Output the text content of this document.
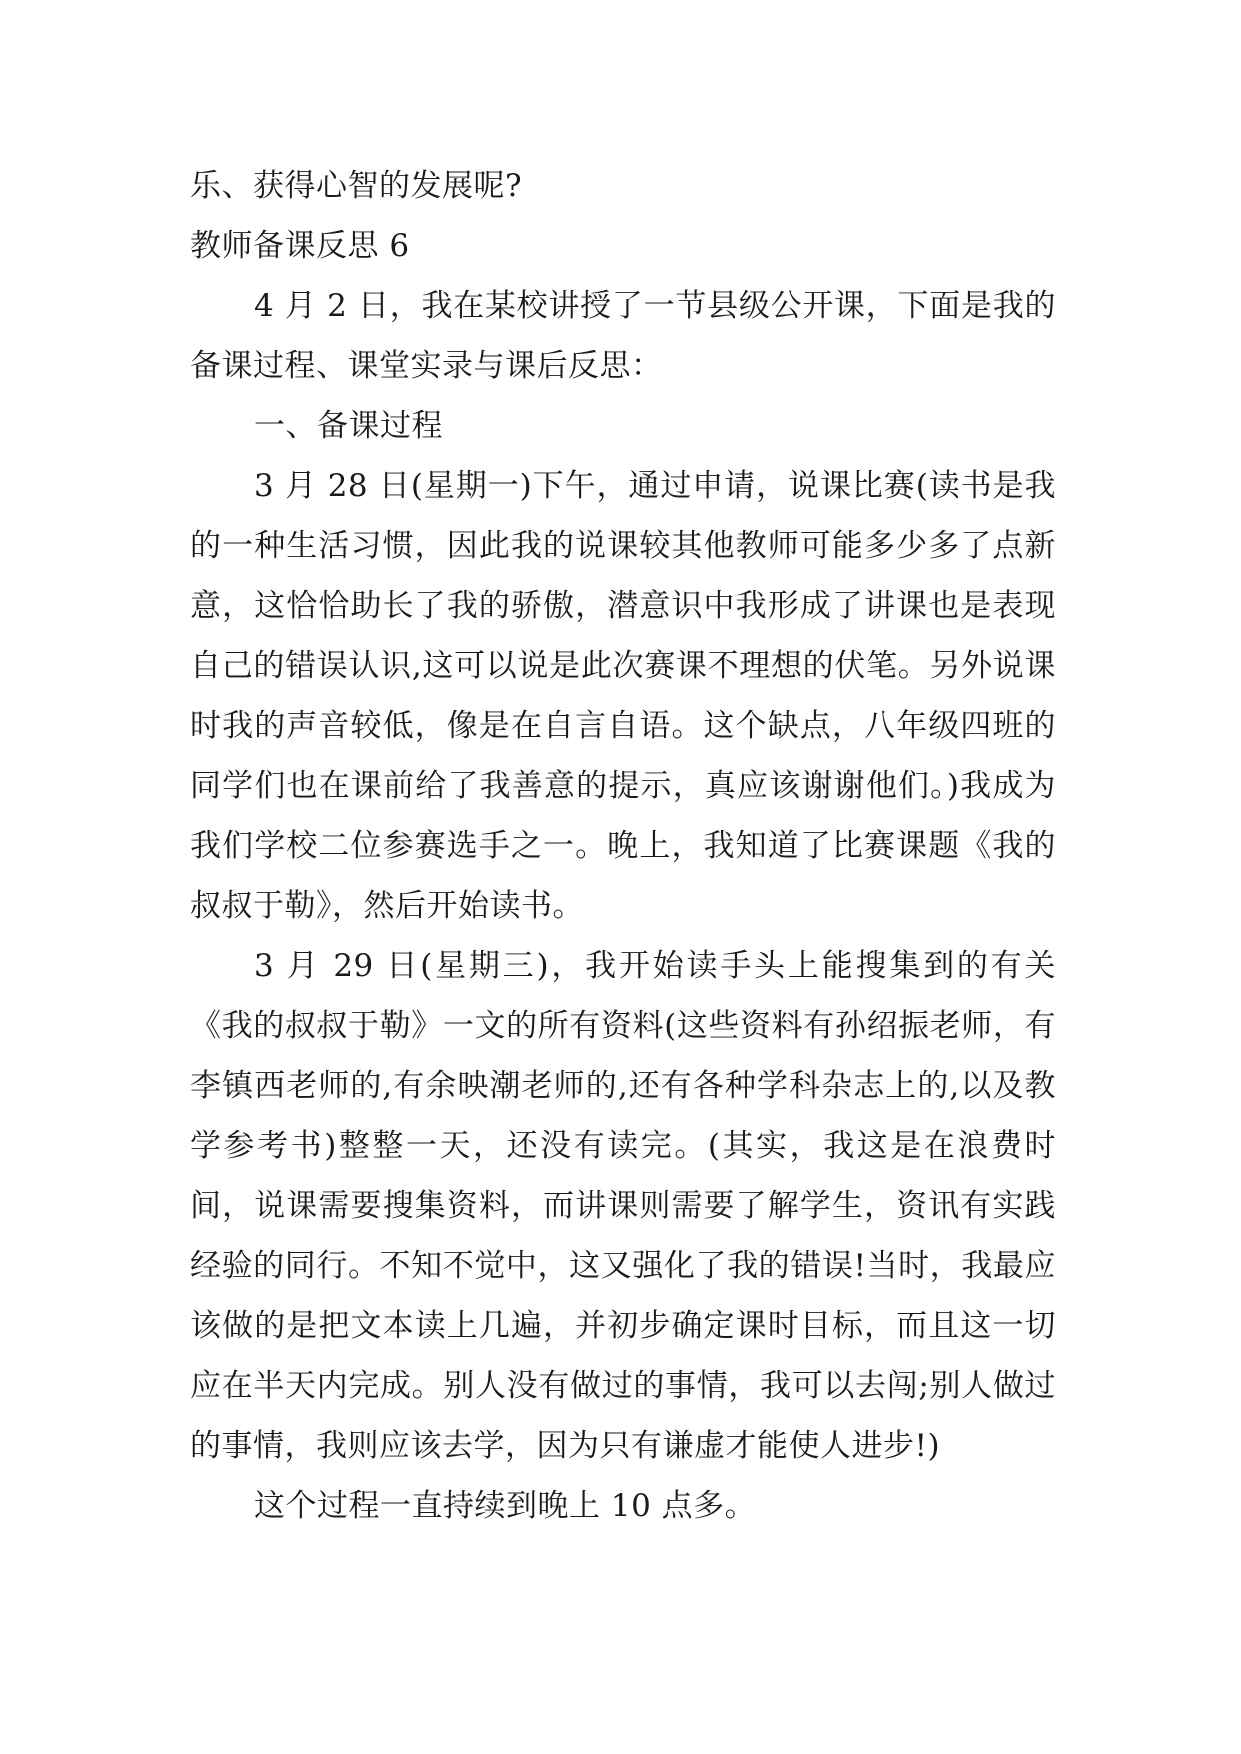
乐、获得心智的发展呢?

教师备课反思 6

4 月 2 日，我在某校讲授了一节县级公开课，下面是我的备课过程、课堂实录与课后反思：

一、备课过程

3 月 28 日(星期一)下午，通过申请，说课比赛(读书是我的一种生活习惯，因此我的说课较其他教师可能多少多了点新意，这恰恰助长了我的骄傲，潜意识中我形成了讲课也是表现自己的错误认识,这可以说是此次赛课不理想的伏笔。另外说课时我的声音较低，像是在自言自语。这个缺点，八年级四班的同学们也在课前给了我善意的提示，真应该谢谢他们。)我成为我们学校二位参赛选手之一。晚上，我知道了比赛课题《我的叔叔于勒》，然后开始读书。

3 月 29 日(星期三)，我开始读手头上能搜集到的有关《我的叔叔于勒》一文的所有资料(这些资料有孙绍振老师，有李镇西老师的,有余映潮老师的,还有各种学科杂志上的,以及教学参考书)整整一天，还没有读完。(其实，我这是在浪费时间，说课需要搜集资料，而讲课则需要了解学生，资讯有实践经验的同行。不知不觉中，这又强化了我的错误!当时，我最应该做的是把文本读上几遍，并初步确定课时目标，而且这一切应在半天内完成。别人没有做过的事情，我可以去闯;别人做过的事情，我则应该去学，因为只有谦虚才能使人进步!)

这个过程一直持续到晚上 10 点多。
